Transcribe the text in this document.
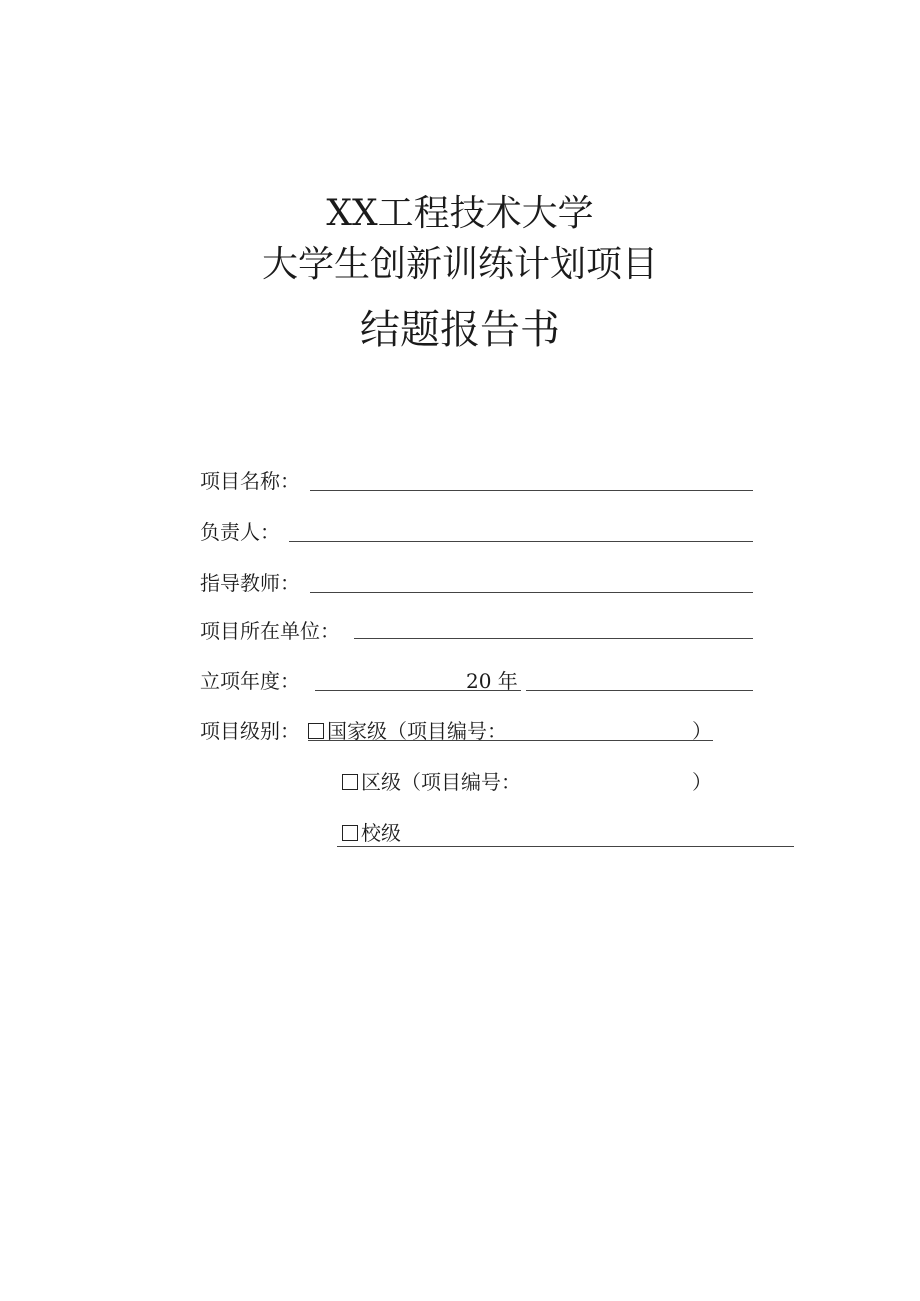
XX工程技术大学
大学生创新训练计划项目
结题报告书
项目名称：
负责人：
指导教师：
项目所在单位：
立项年度：	20 年
项目级别：	国家级（项目编号：	）
区级（项目编号：	）
校级
